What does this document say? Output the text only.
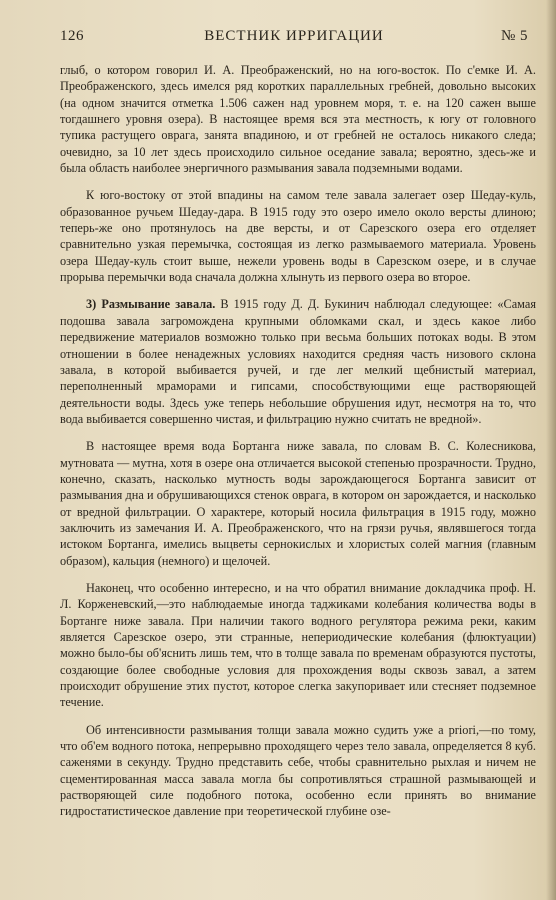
126	ВЕСТНИК ИРРИГАЦИИ	№ 5

глыб, о котором говорил И. А. Преображенский, но на юго-восток. По с'емке И. А. Преображенского, здесь имелся ряд коротких параллельных гребней, довольно высоких (на одном значится отметка 1.506 сажен над уровнем моря, т. е. на 120 сажен выше тогдашнего уровня озера). В настоящее время вся эта местность, к югу от головного тупика растущего оврага, занята впадиною, и от гребней не осталось никакого следа; очевидно, за 10 лет здесь происходило сильное оседание завала; вероятно, здесь-же и была область наиболее энергичного размывания завала подземными водами.

К юго-востоку от этой впадины на самом теле завала залегает озер Шедау-куль, образованное ручьем Шедау-дара. В 1915 году это озеро имело около версты длиною; теперь-же оно протянулось на две версты, и от Сарезского озера его отделяет сравнительно узкая перемычка, состоящая из легко размываемого материала. Уровень озера Шедау-куль стоит выше, нежели уровень воды в Сарезском озере, и в случае прорыва перемычки вода сначала должна хлынуть из первого озера во второе.

3) Размывание завала. В 1915 году Д. Д. Букинич наблюдал следующее: «Самая подошва завала загромождена крупными обломками скал, и здесь какое либо передвижение материалов возможно только при весьма больших потоках воды. В этом отношении в более ненадежных условиях находится средняя часть низового склона завала, в которой выбивается ручей, и где лег мелкий щебнистый материал, переполненный мраморами и гипсами, способствующими еще растворяющей деятельности воды. Здесь уже теперь небольшие обрушения идут, несмотря на то, что вода выбивается совершенно чистая, и фильтрацию нужно считать не вредной».

В настоящее время вода Бортанга ниже завала, по словам В. С. Колесникова, мутновата — мутна, хотя в озере она отличается высокой степенью прозрачности. Трудно, конечно, сказать, насколько мутность воды зарождающегося Бортанга зависит от размывания дна и обрушивающихся стенок оврага, в котором он зарождается, и насколько от вредной фильтрации. О характере, который носила фильтрация в 1915 году, можно заключить из замечания И. А. Преображенского, что на грязи ручья, являвшегося тогда истоком Бортанга, имелись выцветы сернокислых и хлористых солей магния (главным образом), кальция (немного) и щелочей.

Наконец, что особенно интересно, и на что обратил внимание докладчика проф. Н. Л. Корженевский,—это наблюдаемые иногда таджиками колебания количества воды в Бортанге ниже завала. При наличии такого водного регулятора режима реки, каким является Сарезское озеро, эти странные, непериодические колебания (флюктуации) можно было-бы об'яснить лишь тем, что в толще завала по временам образуются пустоты, создающие более свободные условия для прохождения воды сквозь завал, а затем происходит обрушение этих пустот, которое слегка закупоривает или стесняет подземное течение.

Об интенсивности размывания толщи завала можно судить уже a priori,—по тому, что об'ем водного потока, непрерывно проходящего через тело завала, определяется 8 куб. саженями в секунду. Трудно представить себе, чтобы сравнительно рыхлая и ничем не сцементированная масса завала могла бы сопротивляться страшной размывающей и растворяющей силе подобного потока, особенно если принять во внимание гидростатистическое давление при теоретической глубине озе-
